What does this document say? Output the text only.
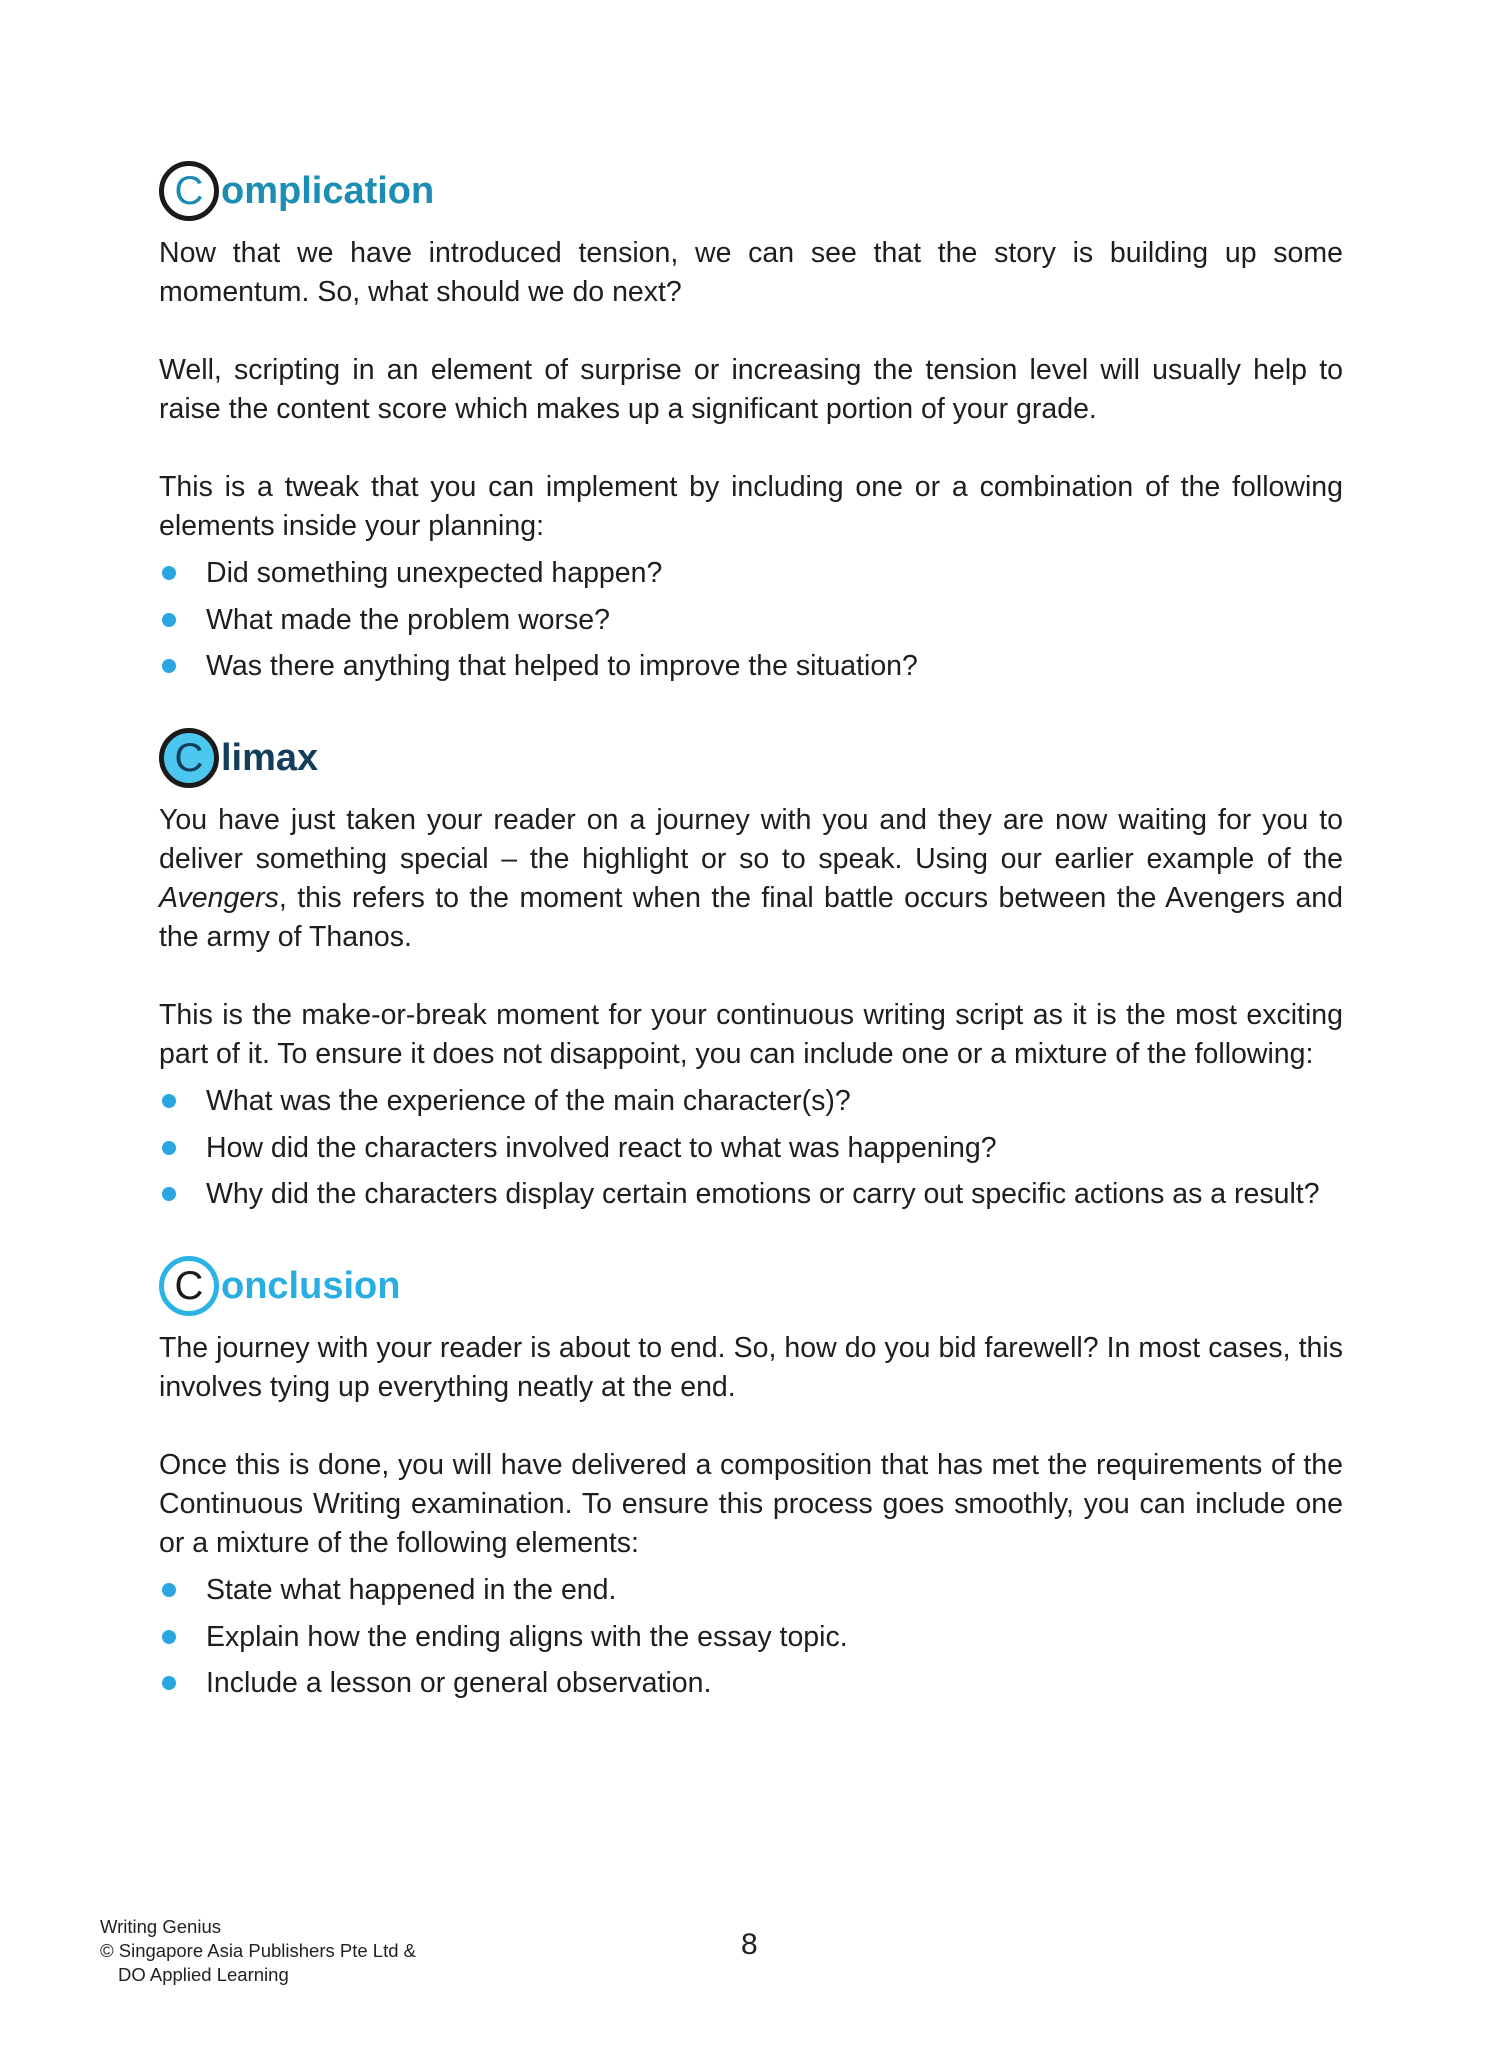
C omplication

Now that we have introduced tension, we can see that the story is building up some momentum. So, what should we do next?

Well, scripting in an element of surprise or increasing the tension level will usually help to raise the content score which makes up a significant portion of your grade.

This is a tweak that you can implement by including one or a combination of the following elements inside your planning:

Did something unexpected happen?
What made the problem worse?
Was there anything that helped to improve the situation?
C limax

You have just taken your reader on a journey with you and they are now waiting for you to deliver something special – the highlight or so to speak. Using our earlier example of the Avengers, this refers to the moment when the final battle occurs between the Avengers and the army of Thanos.

This is the make-or-break moment for your continuous writing script as it is the most exciting part of it. To ensure it does not disappoint, you can include one or a mixture of the following:

What was the experience of the main character(s)?
How did the characters involved react to what was happening?
Why did the characters display certain emotions or carry out specific actions as a result?
C onclusion

The journey with your reader is about to end. So, how do you bid farewell? In most cases, this involves tying up everything neatly at the end.

Once this is done, you will have delivered a composition that has met the requirements of the Continuous Writing examination. To ensure this process goes smoothly, you can include one or a mixture of the following elements:

State what happened in the end.
Explain how the ending aligns with the essay topic.
Include a lesson or general observation.
Writing Genius
© Singapore Asia Publishers Pte Ltd &
DO Applied Learning
8
